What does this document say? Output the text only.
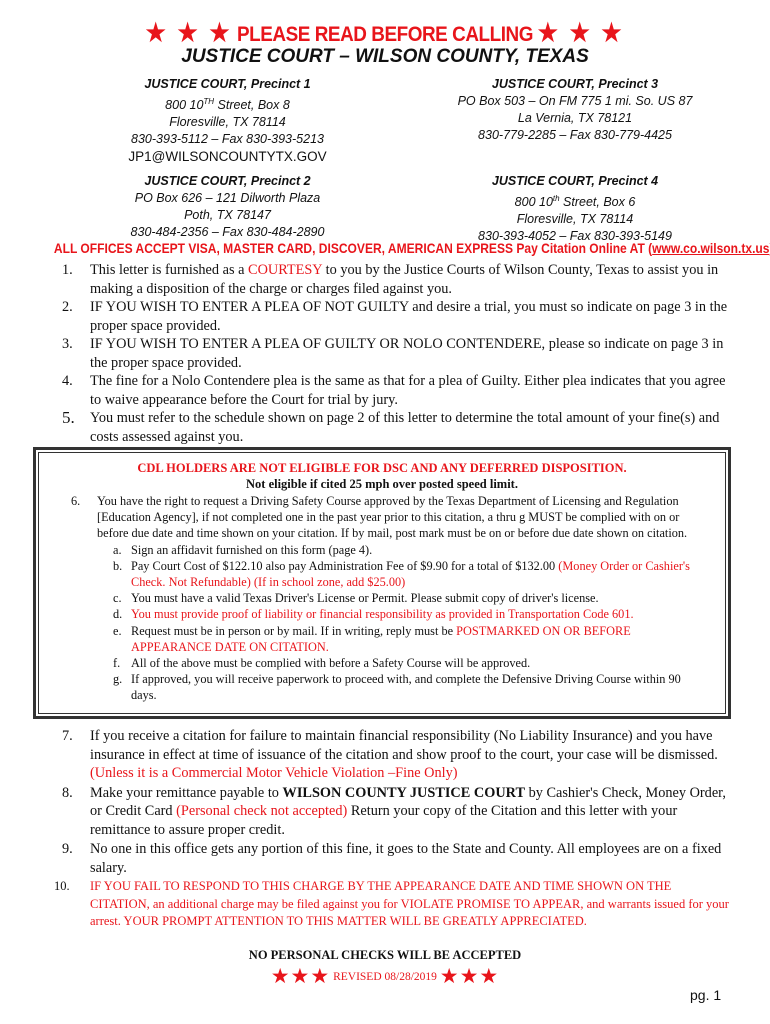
★ ★ ★ PLEASE READ BEFORE CALLING ★ ★ ★
JUSTICE COURT – WILSON COUNTY, TEXAS
JUSTICE COURT, Precinct 1
800 10TH Street, Box 8
Floresville, TX 78114
830-393-5112 – Fax 830-393-5213
JP1@WILSONCOUNTYTX.GOV
JUSTICE COURT, Precinct 3
PO Box 503 – On FM 775 1 mi. So. US 87
La Vernia, TX 78121
830-779-2285 – Fax 830-779-4425
JUSTICE COURT, Precinct 2
PO Box 626 – 121 Dilworth Plaza
Poth, TX 78147
830-484-2356 – Fax 830-484-2890
JUSTICE COURT, Precinct 4
800 10th Street, Box 6
Floresville, TX 78114
830-393-4052 – Fax 830-393-5149
ALL OFFICES ACCEPT VISA, MASTER CARD, DISCOVER, AMERICAN EXPRESS Pay Citation Online AT (www.co.wilson.tx.us
1. This letter is furnished as a COURTESY to you by the Justice Courts of Wilson County, Texas to assist you in making a disposition of the charge or charges filed against you.
2. IF YOU WISH TO ENTER A PLEA OF NOT GUILTY and desire a trial, you must so indicate on page 3 in the proper space provided.
3. IF YOU WISH TO ENTER A PLEA OF GUILTY OR NOLO CONTENDERE, please so indicate on page 3 in the proper space provided.
4. The fine for a Nolo Contendere plea is the same as that for a plea of Guilty. Either plea indicates that you agree to waive appearance before the Court for trial by jury.
5. You must refer to the schedule shown on page 2 of this letter to determine the total amount of your fine(s) and costs assessed against you.
CDL HOLDERS ARE NOT ELIGIBLE FOR DSC AND ANY DEFERRED DISPOSITION.
Not eligible if cited 25 mph over posted speed limit.
6. You have the right to request a Driving Safety Course approved by the Texas Department of Licensing and Regulation [Education Agency], if not completed one in the past year prior to this citation, a thru g MUST be complied with on or before due date and time shown on your citation. If by mail, post mark must be on or before due date shown on citation.
a. Sign an affidavit furnished on this form (page 4).
b. Pay Court Cost of $122.10 also pay Administration Fee of $9.90 for a total of $132.00 (Money Order or Cashier's Check. Not Refundable) (If in school zone, add $25.00)
c. You must have a valid Texas Driver's License or Permit. Please submit copy of driver's license.
d. You must provide proof of liability or financial responsibility as provided in Transportation Code 601.
e. Request must be in person or by mail. If in writing, reply must be POSTMARKED ON OR BEFORE APPEARANCE DATE ON CITATION.
f. All of the above must be complied with before a Safety Course will be approved.
g. If approved, you will receive paperwork to proceed with, and complete the Defensive Driving Course within 90 days.
7. If you receive a citation for failure to maintain financial responsibility (No Liability Insurance) and you have insurance in effect at time of issuance of the citation and show proof to the court, your case will be dismissed. (Unless it is a Commercial Motor Vehicle Violation –Fine Only)
8. Make your remittance payable to WILSON COUNTY JUSTICE COURT by Cashier's Check, Money Order, or Credit Card (Personal check not accepted) Return your copy of the Citation and this letter with your remittance to assure proper credit.
9. No one in this office gets any portion of this fine, it goes to the State and County. All employees are on a fixed salary.
10. IF YOU FAIL TO RESPOND TO THIS CHARGE BY THE APPEARANCE DATE AND TIME SHOWN ON THE CITATION, an additional charge may be filed against you for VIOLATE PROMISE TO APPEAR, and warrants issued for your arrest. YOUR PROMPT ATTENTION TO THIS MATTER WILL BE GREATLY APPRECIATED.
NO PERSONAL CHECKS WILL BE ACCEPTED
★★★ REVISED 08/28/2019 ★★★
pg. 1
